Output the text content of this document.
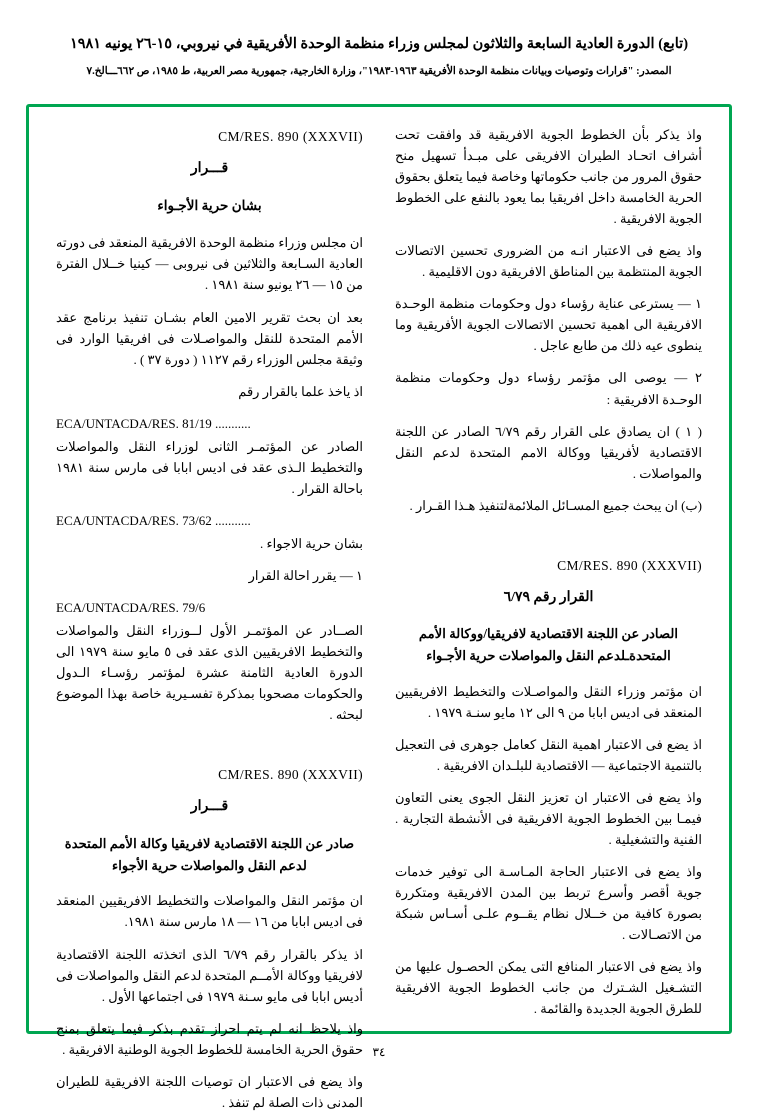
(تابع) الدورة العادية السابعة والثلاثون لمجلس وزراء منظمة الوحدة الأفريقية في نيروبي، ١٥-٢٦ يونيه ١٩٨١
المصدر: "قرارات وتوصيات وبيانات منظمة الوحدة الأفريقية ١٩٦٣-١٩٨٣"، وزارة الخارجية، جمهورية مصر العربية، ط ١٩٨٥، ص ٦٦٢ـــالخ.٧

واذ يذكر بأن الخطوط الجوية الافريقية قد وافقت تحت أشراف اتحـاد الطيران الافريقى على مبـدأ تسهيل منح حقوق المرور من جانب حكوماتها وخاصة فيما يتعلق بحقوق الحرية الخامسة داخل افريقيا بما يعود بالنفع على الخطوط الجوية الافريقية .

واذ يضع فى الاعتبار انـه من الضرورى تحسين الاتصالات الجوية المنتظمة بين المناطق الافريقية دون الاقليمية .

١ — يسترعى عناية رؤساء دول وحكومات منظمة الوحـدة الافريقية الى اهمية تحسين الاتصالات الجوية الأفريقية وما ينطوى عيه ذلك من طابع عاجل .

٢ — يوصى الى مؤتمر رؤساء دول وحكومات منظمة الوحـدة الافريقية :

( ١ ) ان يصادق على القرار رقم ٦/٧٩ الصادر عن اللجنة الاقتصادية لأفريقيا ووكالة الامم المتحدة لدعم النقل والمواصلات .

(ب) ان يبحث جميع المسـائل الملائمةلتنفيذ هـذا القـرار .

CM/RES. 890 (XXXVII)
القرار رقم ٦/٧٩
الصادر عن اللجنة الاقتصادية لافريقيا/ووكالة الأمم المتحدةـلدعم النقل والمواصلات حرية الأجـواء

ان مؤتمر وزراء النقل والمواصـلات والتخطيط الافريقيين المنعقد فى اديس ابابا من ٩ الى ١٢ مايو سنـة ١٩٧٩ .

اذ يضع فى الاعتبار اهمية النقل كعامل جوهرى فى التعجيل بالتنمية الاجتماعية — الاقتصادية للبلـدان الافريقية .

واذ يضع فى الاعتبار ان تعزيز النقل الجوى يعنى التعاون فيمـا بين الخطوط الجوية الافريقية فى الأنشطة التجارية . الفنية والتشغيلية .

واذ يضع فى الاعتبار الحاجة المـاسـة الى توفير خدمات جوية أقصر وأسرع تربط بين المدن الافريقية ومتكررة بصورة كافية من خــلال نظام يقــوم علـى أسـاس شبكة من الاتصـالات .

واذ يضع فى الاعتبار المنافع التى يمكن الحصـول عليها من التشـغيل الشـترك من جانب الخطوط الجوية الافريقية للطرق الجوية الجديدة والقائمة .

CM/RES. 890 (XXXVII)
قـــرار
بشان حرية الأجـواء

ان مجلس وزراء منظمة الوحدة الافريقية المنعقد فى دورته العادية السـابعة والثلاثين فى نيروبى — كينيا خــلال الفترة من ١٥ — ٢٦ يونيو سنة ١٩٨١ .

بعد ان بحث تقرير الامين العام بشـان تنفيذ برنامج عقد الأمم المتحدة للنقل والمواصـلات فى افريقيا الوارد فى وثيقة مجلس الوزراء رقم ١١٢٧ ( دورة ٣٧ ) .

اذ ياخذ علما بالقرار رقم

ECA/UNTACDA/RES. 81/19 ...........

الصادر عن المؤتمـر الثانى لوزراء النقل والمواصلات والتخطيط الـذى عقد فى اديس ابابا فى مارس سنة ١٩٨١ باحالة القرار .

ECA/UNTACDA/RES. 73/62 ...........

بشان حرية الاجواء .

١ — يقرر احالة القرار

ECA/UNTACDA/RES. 79/6

الصــادر عن المؤتمـر الأول لــوزراء النقل والمواصلات والتخطيط الافريقيين الذى عقد فى ٥ مايو سنة ١٩٧٩ الى الدورة العادية الثامنة عشرة لمؤتمر رؤسـاء الـدول والحكومات مصحوبا بمذكرة تفسـيرية خاصة بهذا الموضوع لبحثه .

CM/RES. 890 (XXXVII)
قـــرار
صادر عن اللجنة الاقتصادية لافريقيا وكالة الأمم المتحدة لدعم النقل والمواصلات حرية الأجواء

ان مؤتمر النقل والمواصلات والتخطيط الافريقيين المنعقد فى اديس ابابا من ١٦ — ١٨ مارس سنة ١٩٨١.

اذ يذكر بالقرار رقم ٦/٧٩ الذى اتخذته اللجنة الاقتصادية لافريقيا ووكالة الأمــم المتحدة لدعم النقل والمواصلات فى أديس ابابا فى مايو سـنة ١٩٧٩ فى اجتماعها الأول .

واذ يلاحظ انه لم يتم احراز تقدم بذكر فيما يتعلق بمنح حقوق الحرية الخامسة للخطوط الجوية الوطنية الافريقية .

واذ يضع فى الاعتبار ان توصيات اللجنة الافريقية للطيران المدنى ذات الصلة لم تنفذ .

٣٤
